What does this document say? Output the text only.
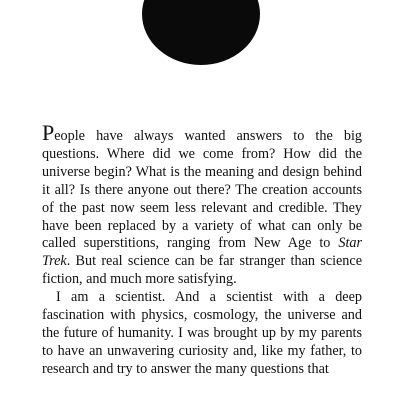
People have always wanted answers to the big questions. Where did we come from? How did the universe begin? What is the meaning and design behind it all? Is there anyone out there? The creation accounts of the past now seem less relevant and credible. They have been replaced by a variety of what can only be called superstitions, ranging from New Age to Star Trek. But real science can be far stranger than science fiction, and much more satisfying.

I am a scientist. And a scientist with a deep fascination with physics, cosmology, the universe and the future of humanity. I was brought up by my parents to have an unwavering curiosity and, like my father, to research and try to answer the many questions that
